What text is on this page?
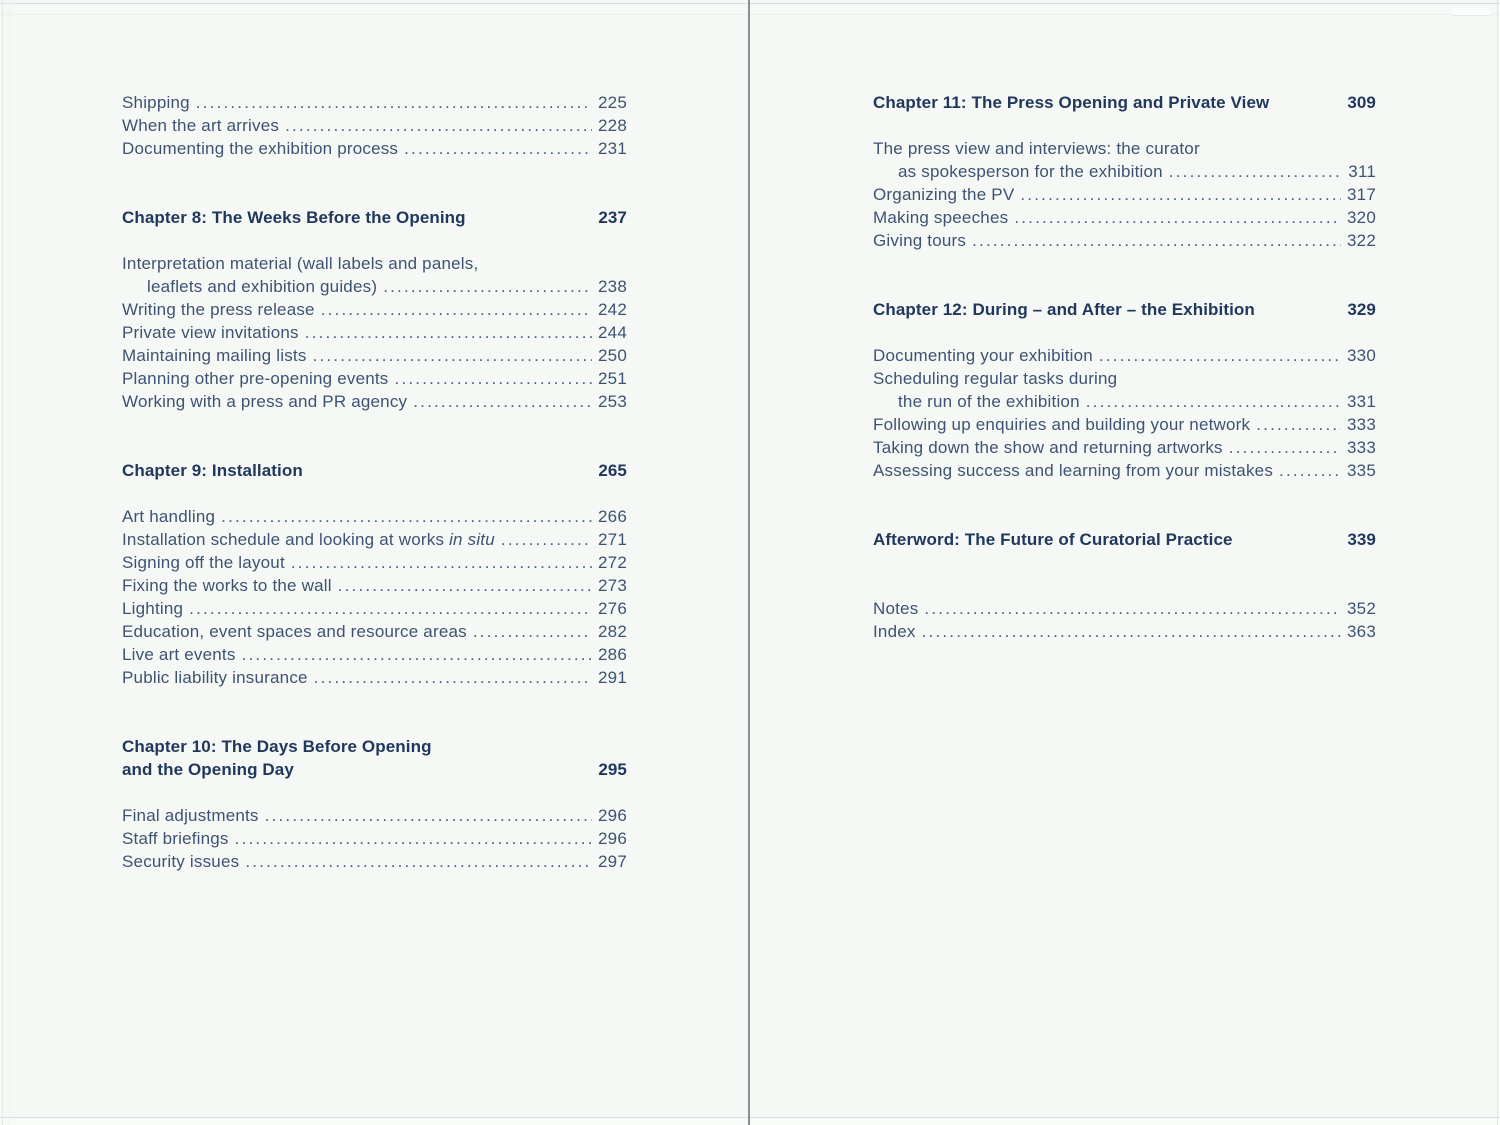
Shipping .....	225
When the art arrives .....	228
Documenting the exhibition process .....	231
Chapter 8: The Weeks Before the Opening	237
Interpretation material (wall labels and panels,
leaflets and exhibition guides) .....	238
Writing the press release .....	242
Private view invitations .....	244
Maintaining mailing lists .....	250
Planning other pre-opening events .....	251
Working with a press and PR agency .....	253
Chapter 9: Installation	265
Art handling .....	266
Installation schedule and looking at works in situ .....	271
Signing off the layout .....	272
Fixing the works to the wall .....	273
Lighting .....	276
Education, event spaces and resource areas .....	282
Live art events .....	286
Public liability insurance .....	291
Chapter 10: The Days Before Opening
and the Opening Day	295
Final adjustments .....	296
Staff briefings .....	296
Security issues .....	297
Chapter 11: The Press Opening and Private View	309
The press view and interviews: the curator
as spokesperson for the exhibition .....	311
Organizing the PV .....	317
Making speeches .....	320
Giving tours .....	322
Chapter 12: During – and After – the Exhibition	329
Documenting your exhibition .....	330
Scheduling regular tasks during
the run of the exhibition .....	331
Following up enquiries and building your network .....	333
Taking down the show and returning artworks .....	333
Assessing success and learning from your mistakes .....	335
Afterword: The Future of Curatorial Practice	339
Notes .....	352
Index .....	363
